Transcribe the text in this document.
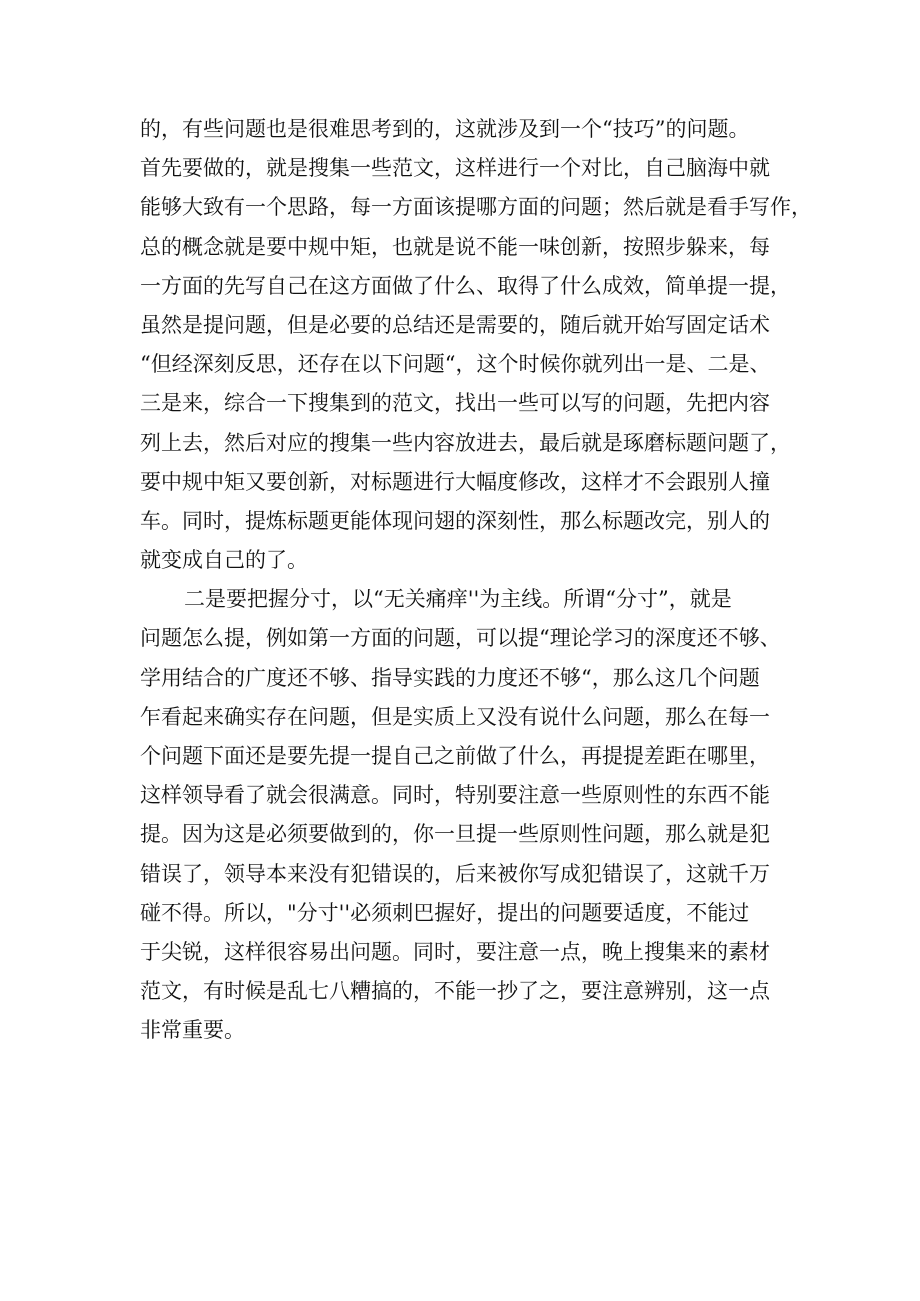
的，有些问题也是很难思考到的，这就涉及到一个“技巧”的问题。
首先要做的，就是搜集一些范文，这样进行一个对比，自己脑海中就
能够大致有一个思路，每一方面该提哪方面的问题；然后就是看手写作，
总的概念就是要中规中矩，也就是说不能一味创新，按照步躲来，每
一方面的先写自己在这方面做了什么、取得了什么成效，简单提一提，
虽然是提问题，但是必要的总结还是需要的，随后就开始写固定话术
“但经深刻反思，还存在以下问题“，这个时候你就列出一是、二是、
三是来，综合一下搜集到的范文，找出一些可以写的问题，先把内容
列上去，然后对应的搜集一些内容放进去，最后就是琢磨标题问题了，
要中规中矩又要创新，对标题进行大幅度修改，这样才不会跟别人撞
车。同时，提炼标题更能体现问翅的深刻性，那么标题改完，别人的
就变成自己的了。
二是要把握分寸，以“无关痛痒''为主线。所谓“分寸”，就是
问题怎么提，例如第一方面的问题，可以提“理论学习的深度还不够、
学用结合的广度还不够、指导实践的力度还不够“，那么这几个问题
乍看起来确实存在问题，但是实质上又没有说什么问题，那么在每一
个问题下面还是要先提一提自己之前做了什么，再提提差距在哪里，
这样领导看了就会很满意。同时，特别要注意一些原则性的东西不能
提。因为这是必须要做到的，你一旦提一些原则性问题，那么就是犯
错误了，领导本来没有犯错误的，后来被你写成犯错误了，这就千万
碰不得。所以，"分寸''必须刺巴握好，提出的问题要适度，不能过
于尖锐，这样很容易出问题。同时，要注意一点，晚上搜集来的素材
范文，有时候是乱七八糟搞的，不能一抄了之，要注意辨别，这一点
非常重要。
